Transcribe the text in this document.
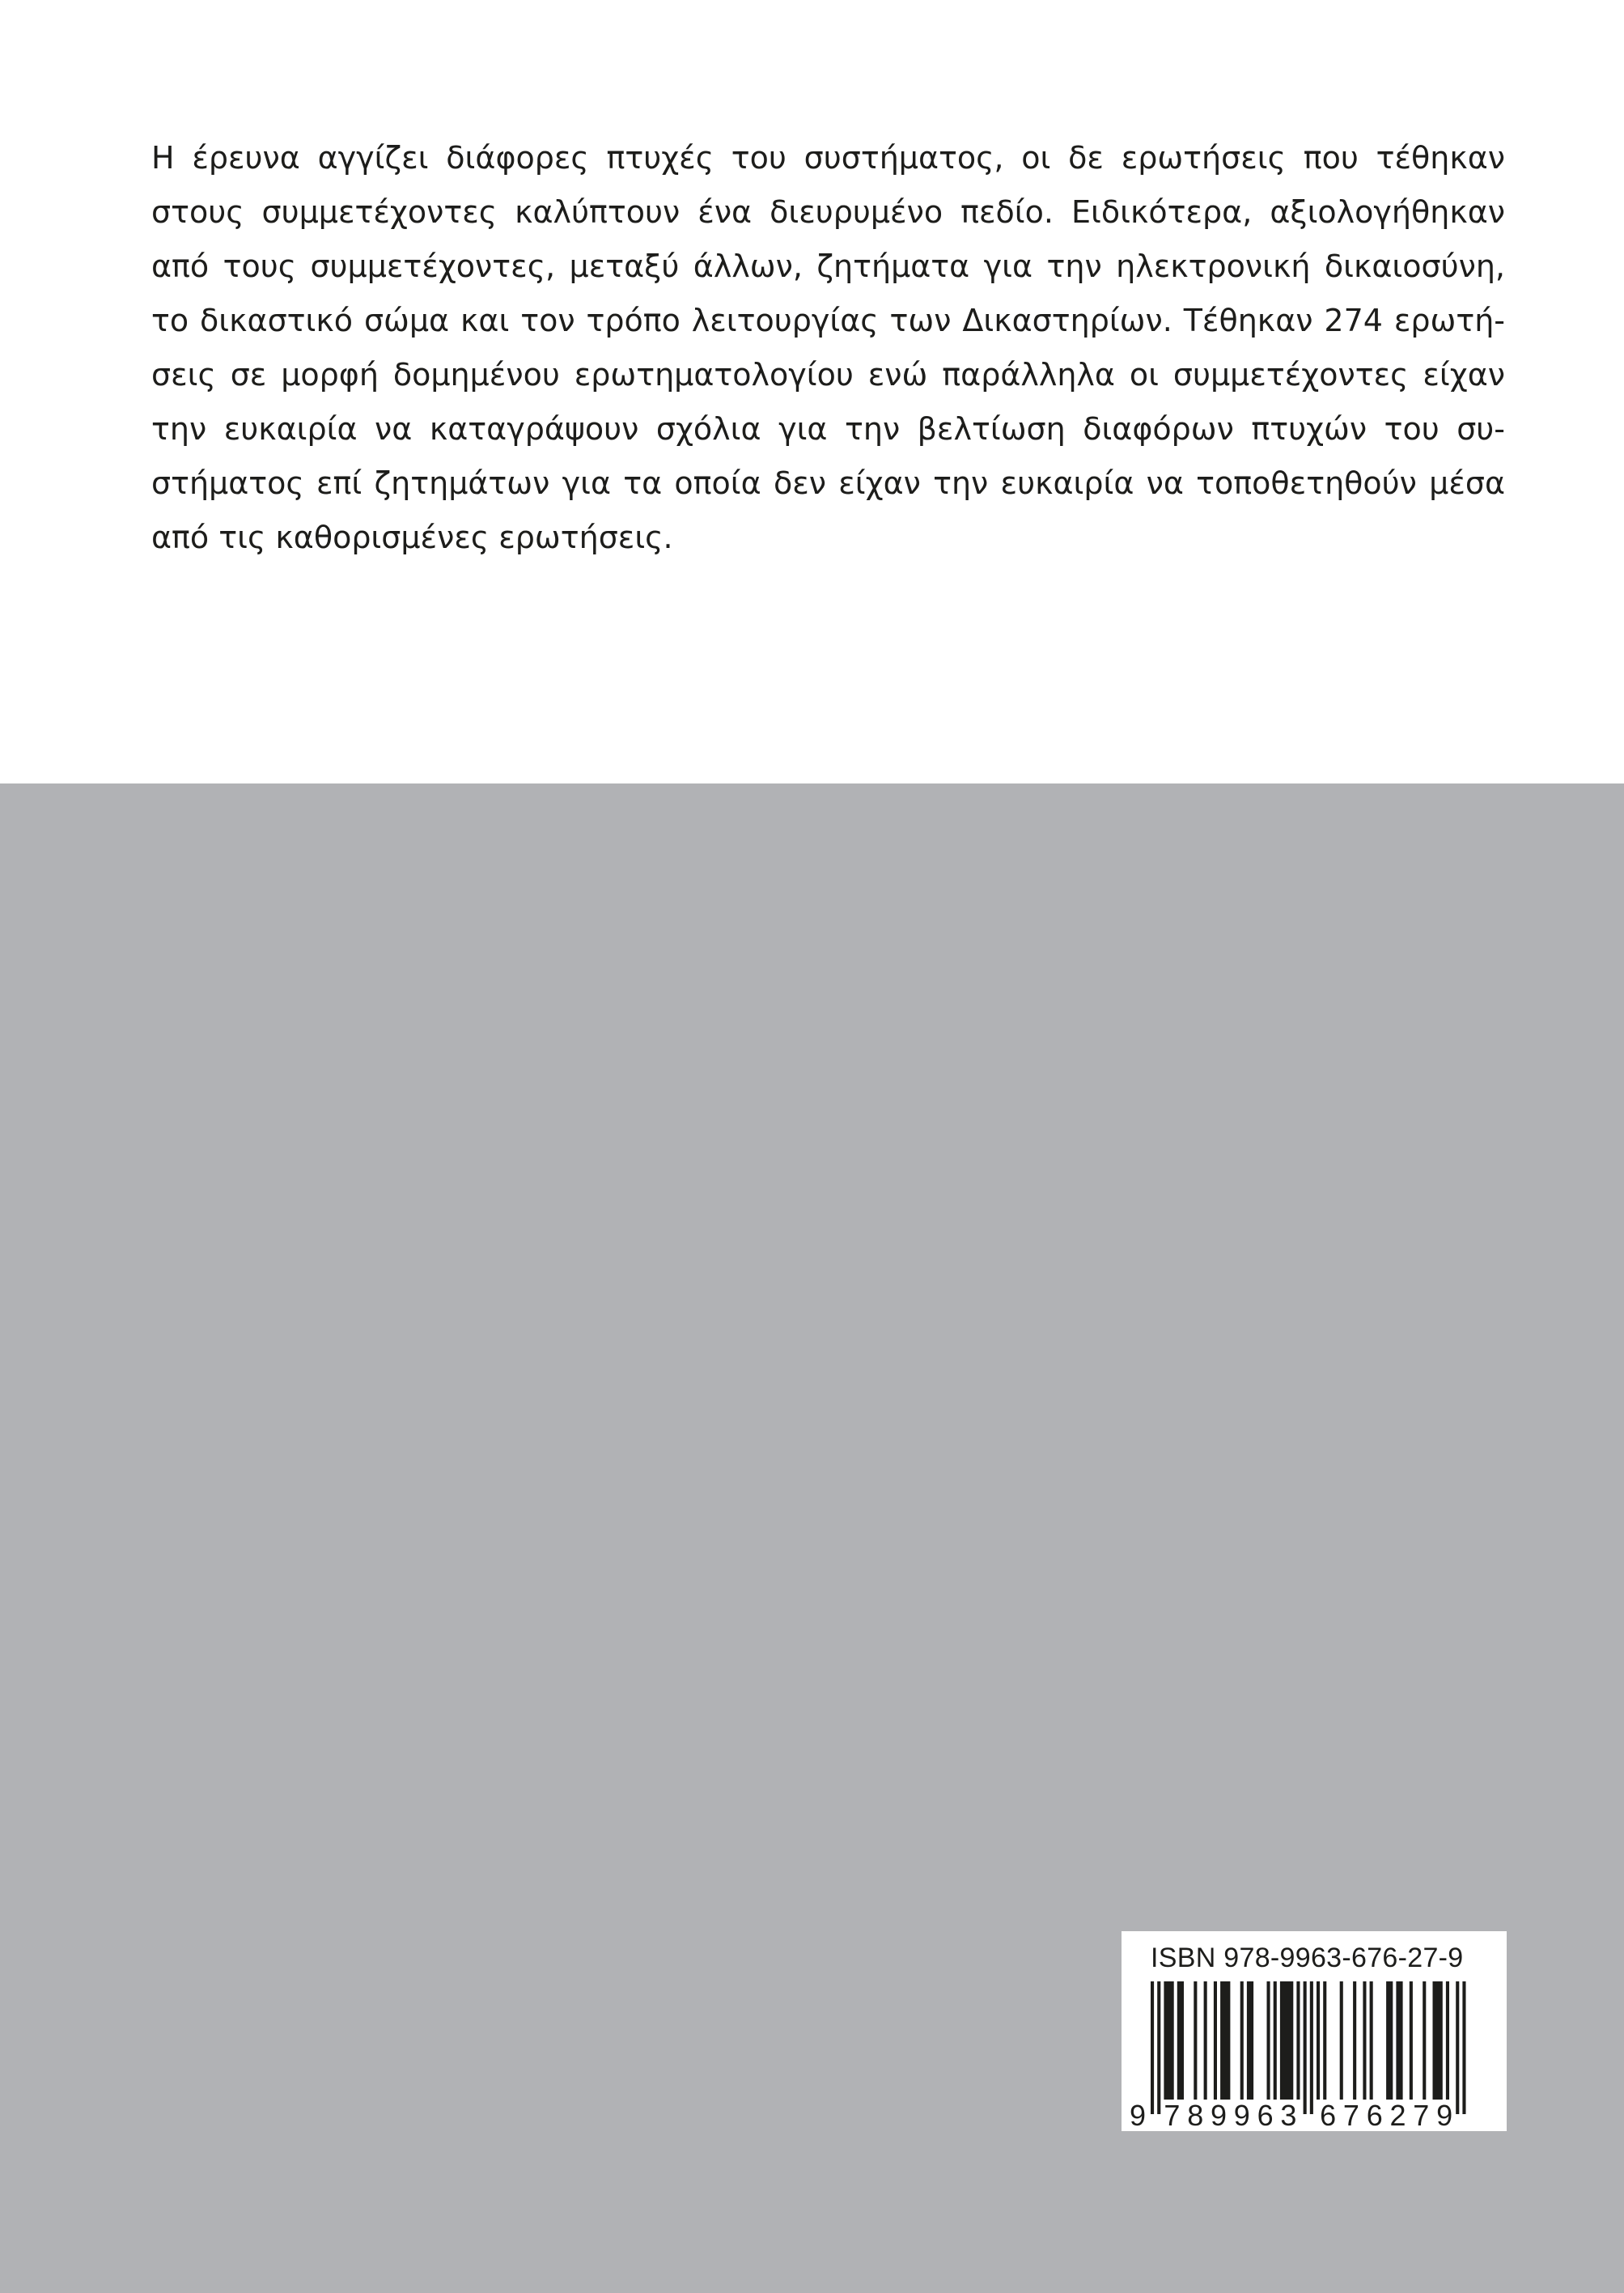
Η έρευνα αγγίζει διάφορες πτυχές του συστήματος, οι δε ερωτήσεις που τέθηκαν στους συμμετέχοντες καλύπτουν ένα διευρυμένο πεδίο. Ειδικότερα, αξιολογήθηκαν από τους συμμετέχοντες, μεταξύ άλλων, ζητήματα για την ηλεκτρονική δικαιοσύνη, το δικαστικό σώμα και τον τρόπο λειτουργίας των Δικαστηρίων. Τέθηκαν 274 ερωτήσεις σε μορφή δομημένου ερωτηματολογίου ενώ παράλληλα οι συμμετέχοντες είχαν την ευκαιρία να καταγράψουν σχόλια για την βελτίωση διαφόρων πτυχών του συστήματος επί ζητημάτων για τα οποία δεν είχαν την ευκαιρία να τοποθετηθούν μέσα από τις καθορισμένες ερωτήσεις.

9 789963 676279
ISBN 978-9963-676-27-9
